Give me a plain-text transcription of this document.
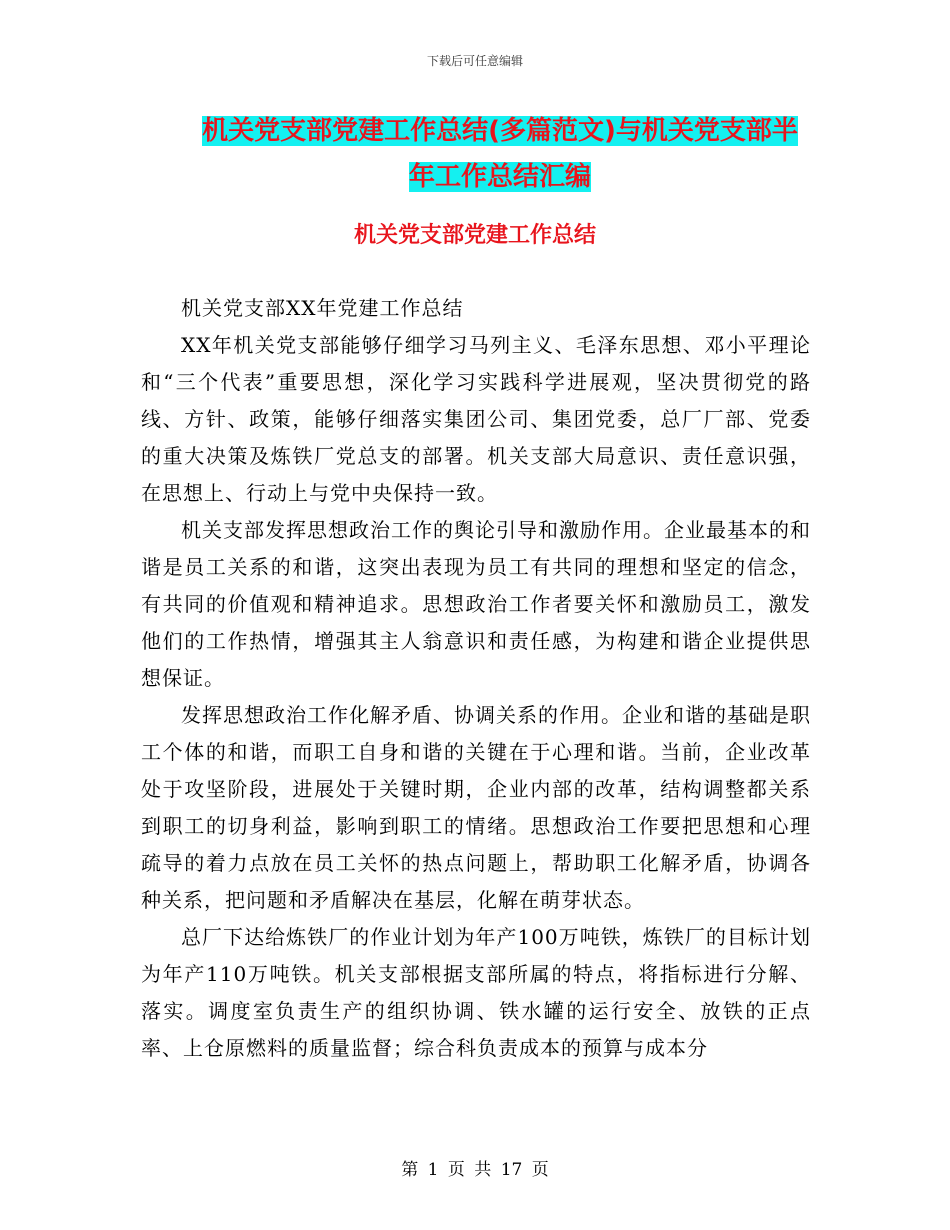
下载后可任意编辑
机关党支部党建工作总结(多篇范文)与机关党支部半年工作总结汇编
机关党支部党建工作总结

机关党支部XX年党建工作总结

XX年机关党支部能够仔细学习马列主义、毛泽东思想、邓小平理论和“三个代表”重要思想，深化学习实践科学进展观，坚决贯彻党的路线、方针、政策，能够仔细落实集团公司、集团党委，总厂厂部、党委的重大决策及炼铁厂党总支的部署。机关支部大局意识、责任意识强，在思想上、行动上与党中央保持一致。

机关支部发挥思想政治工作的舆论引导和激励作用。企业最基本的和谐是员工关系的和谐，这突出表现为员工有共同的理想和坚定的信念，有共同的价值观和精神追求。思想政治工作者要关怀和激励员工，激发他们的工作热情，增强其主人翁意识和责任感，为构建和谐企业提供思想保证。

发挥思想政治工作化解矛盾、协调关系的作用。企业和谐的基础是职工个体的和谐，而职工自身和谐的关键在于心理和谐。当前，企业改革处于攻坚阶段，进展处于关键时期，企业内部的改革，结构调整都关系到职工的切身利益，影响到职工的情绪。思想政治工作要把思想和心理疏导的着力点放在员工关怀的热点问题上，帮助职工化解矛盾，协调各种关系，把问题和矛盾解决在基层，化解在萌芽状态。

总厂下达给炼铁厂的作业计划为年产100万吨铁，炼铁厂的目标计划为年产110万吨铁。机关支部根据支部所属的特点，将指标进行分解、落实。调度室负责生产的组织协调、铁水罐的运行安全、放铁的正点率、上仓原燃料的质量监督；综合科负责成本的预算与成本分

第 1 页 共 17 页
